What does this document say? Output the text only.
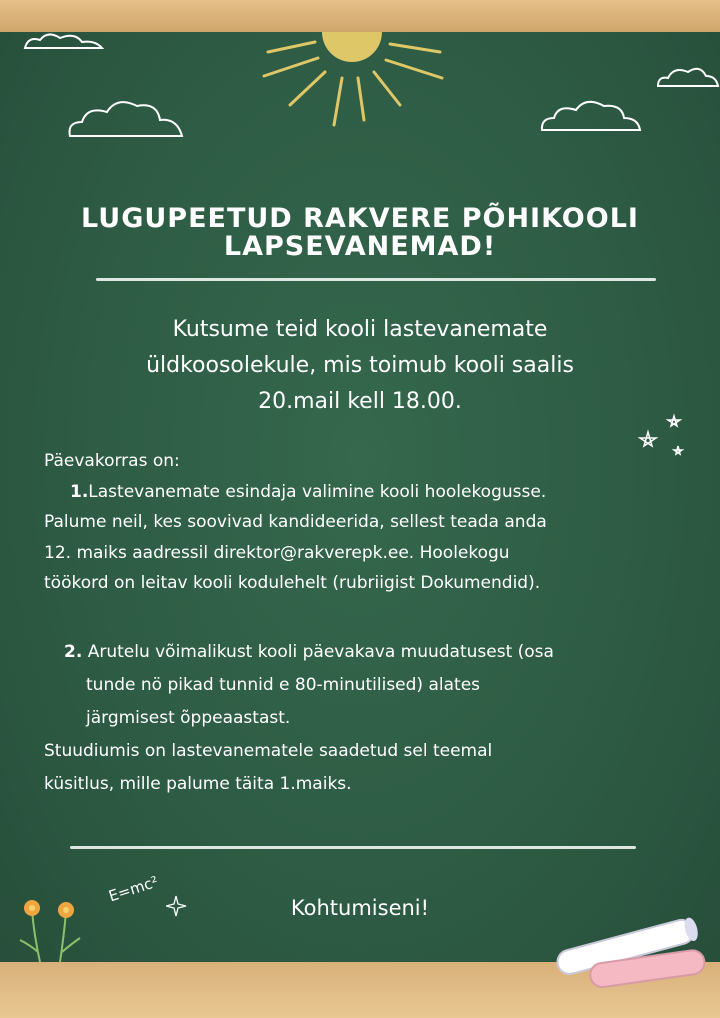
LUGUPEETUD RAKVERE PÕHIKOOLI LAPSEVANEMAD!
Kutsume teid kooli lastevanemate
üldkoosolekule, mis toimub kooli saalis
20.mail kell 18.00.
Päevakorras on:
1.Lastevanemate esindaja valimine kooli hoolekogusse.
Palume neil, kes soovivad kandideerida, sellest teada anda
12. maiks aadressil direktor@rakverepk.ee. Hoolekogu
töökord on leitav kooli kodulehelt (rubriigist Dokumendid).
2. Arutelu võimalikust kooli päevakava muudatusest (osa
tunde nö pikad tunnid e 80-minutilised) alates
järgmisest õppeaastast.
Stuudiumis on lastevanematele saadetud sel teemal
küsitlus, mille palume täita 1.maiks.
E=mc²
Kohtumiseni!
